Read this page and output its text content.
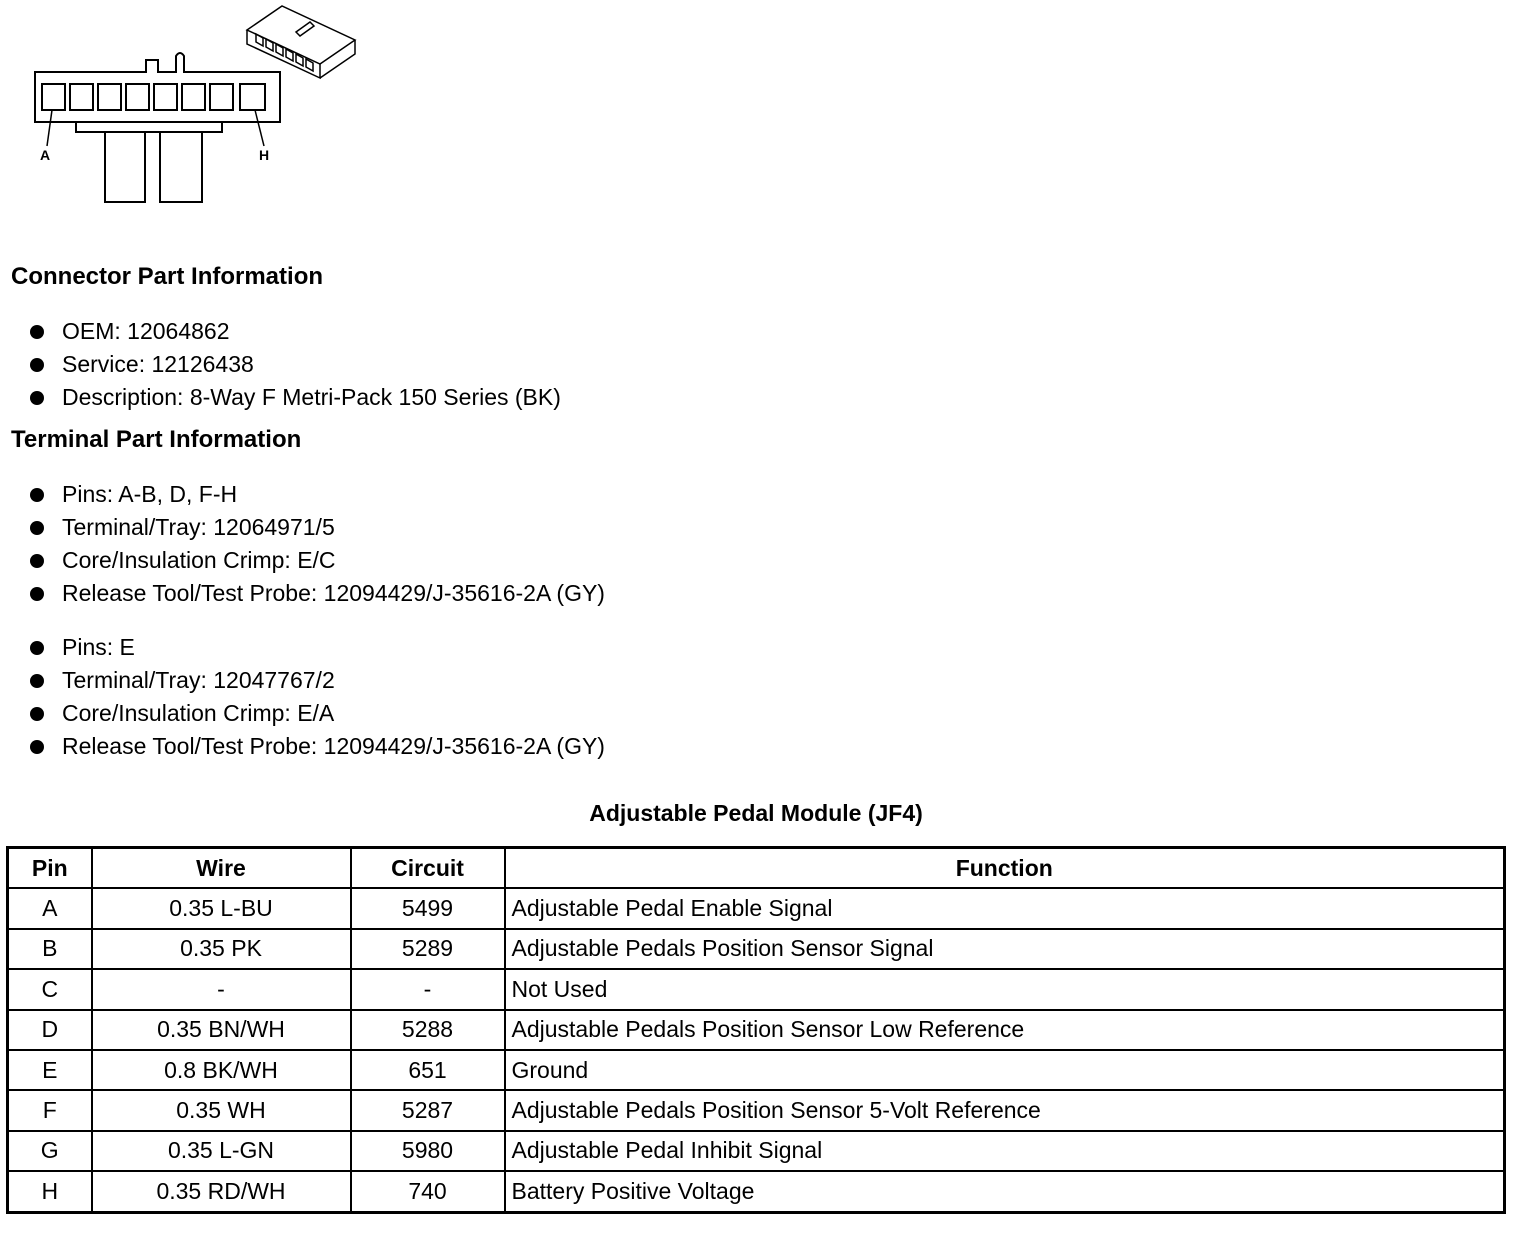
A	H
Connector Part Information
OEM: 12064862
Service: 12126438
Description: 8-Way F Metri-Pack 150 Series (BK)
Terminal Part Information
Pins: A-B, D, F-H
Terminal/Tray: 12064971/5
Core/Insulation Crimp: E/C
Release Tool/Test Probe: 12094429/J-35616-2A (GY)
Pins: E
Terminal/Tray: 12047767/2
Core/Insulation Crimp: E/A
Release Tool/Test Probe: 12094429/J-35616-2A (GY)
Adjustable Pedal Module (JF4)
Pin	Wire	Circuit	Function
A	0.35 L-BU	5499	Adjustable Pedal Enable Signal
B	0.35 PK	5289	Adjustable Pedals Position Sensor Signal
C	-	-	Not Used
D	0.35 BN/WH	5288	Adjustable Pedals Position Sensor Low Reference
E	0.8 BK/WH	651	Ground
F	0.35 WH	5287	Adjustable Pedals Position Sensor 5-Volt Reference
G	0.35 L-GN	5980	Adjustable Pedal Inhibit Signal
H	0.35 RD/WH	740	Battery Positive Voltage
